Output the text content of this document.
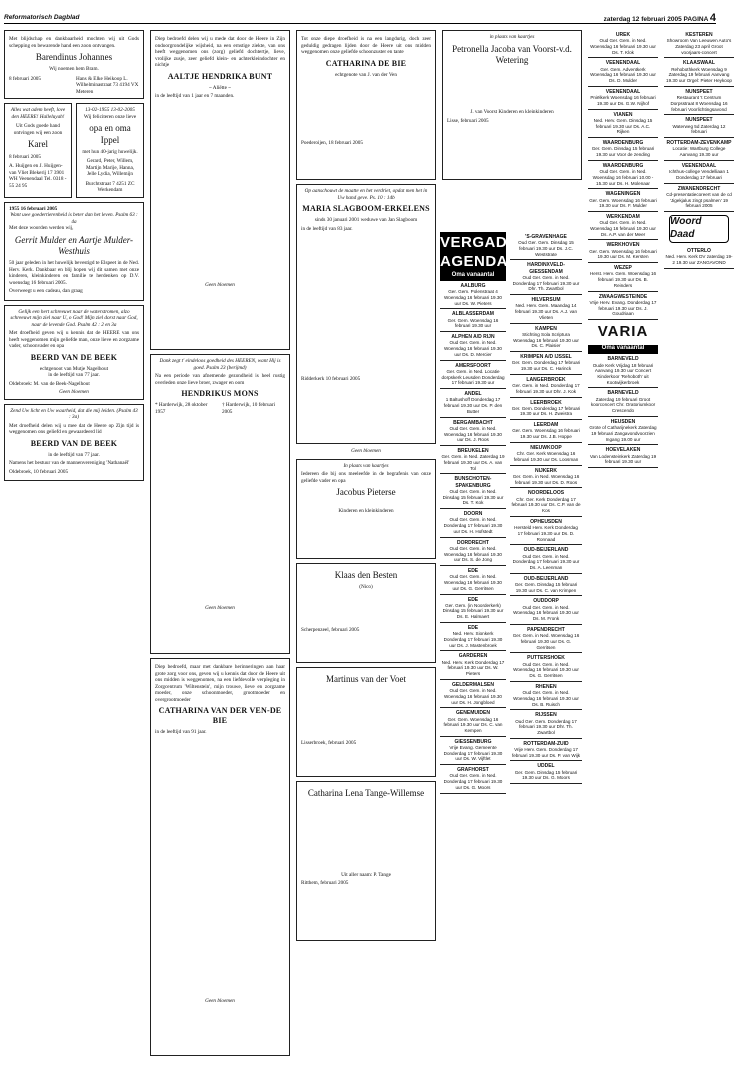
Reformatorisch Dagblad	zaterdag 12 februari 2005 PAGINA 4

Met blijdschap en dankbaarheid mochten wij uit Gods schepping en bewarende hand een zoon ontvangen.

Barendinus Johannes

Wij noemen hem Bram.

8 februari 2005	Hans & Elke Heikoop L. Wilhelminastraat 73 4194 VX Meteren

Alles wat adem heeft, love den HEERE! Halleluyah!

Uit Gods goede hand ontvingen wij een zoon

Karel

8 februari 2005

A. Huijgen en J. Huijgen-van Vliet Blekerij 17 3901 WH Veenendaal Tel. 0318 - 55 24 95

13-02-1955 13-02-2005

Wij feliciteren onze lieve

opa en oma Ippel

met hun 40-jarig huwelijk.

Gerard, Peter, Willem, Martijn Marije, Hanna, Jelle Lydia, Willemijn

Burchtstraat 7 4251 ZC Werkendam

1955 16 februari 2005

Want uwe goedertierenheid is beter dan het leven. Psalm 63 : 4a

Met deze woorden werden wij,

Gerrit Mulder en Aartje Mulder-Westhuis

50 jaar geleden in het huwelijk bevestigd te Elspeet in de Ned. Herv. Kerk. Dankbaar en blij hopen wij dit samen met onze kinderen, kleinkinderen en familie te herdenken op D.V. woensdag 16 februari 2005.

Overweegt u een cadeau, dan graag

Gelijk een hert schreeuwt naar de waterstromen, alzo schreeuwt mijn ziel naar U, o God! Mijn ziel dorst naar God, naar de levende God. Psalm 42 : 2 en 3a

Met droefheid geven wij u kennis dat de HEERE van ons heeft weggenomen mijn geliefde man, onze lieve en zorgzame vader, schoonvader en opa

BEERD VAN DE BEEK

echtgenoot van Mutje Nagelhout

in de leeftijd van 77 jaar.

Oldebroek: M. van de Beek-Nagelhout

Geen bloemen

Zend Uw licht en Uw waarheid, dat die mij leiden. (Psalm 43 : 3a)

Met droefheid delen wij u mee dat de Heere op Zijn tijd is weggenomen ons geliefd en gewaardeerd lid

BEERD VAN DE BEEK

in de leeftijd van 77 jaar.

Namens het bestuur van de mannenvereniging 'Nathanaël'

Oldebroek, 10 februari 2005

Diep bedroefd delen wij u mede dat door de Heere in Zijn ondoorgrondelijke wijsheid, na een ernstige ziekte, van ons heeft weggenomen ons (zorg) geliefd dochtertje, lieve, vrolijke zusje, zeer geliefd klein- en achterkleindochter en nichtje

AALTJE HENDRIKA BUNT

~ Aliëtte ~

in de leeftijd van 1 jaar en 7 maanden.

Geen bloemen

Dank zegt t' eindeloos goedheid des HEEREN, want Hij is goed. Psalm 23 (berijmd)

Na een periode van afnemende gezondheid is heel rustig overleden onze lieve broer, zwager en oom

HENDRIKUS MONS
* Harderwijk, 28 oktober 1957
† Harderwijk, 10 februari 2005

Geen bloemen

Diep bedroefd, maar met dankbare herinneringen aan haar grote zorg voor ons, geven wij u kennis dat door de Heere uit ons midden is weggenomen, na een liefdevolle verpleging in Zorgcentrum 'Wiltenstein', mijn trouwe, lieve en zorgzame moeder, onze schoonmoeder, grootmoeder en overgrootmoeder

CATHARINA VAN DER VEN-DE BIE

in de leeftijd van 91 jaar.

Geen bloemen

Tot onze diepe droefheid is na een langdurig, doch zeer geduldig gedragen lijden door de Heere uit ons midden weggenomen onze geliefde schoonzuster en tante

CATHARINA DE BIE

echtgenote van J. van der Ven

Poederoijen, 18 februari 2005

Op aanschouwt de maatte en het verdriet, opdat men het in Uw hand geve. Ps. 10 : 14b

MARIA SLAGBOOM-ERKELENS

sinds 30 januari 2001 weduwe van Jan Slagboom

in de leeftijd van 83 jaar.

Ridderkerk 10 februari 2005

Geen bloemen

In plaats van kaartjes

Iedereen die bij ons meeleefde in de begrafenis van onze geliefde vader en opa

Jacobus Pieterse

Kinderen en kleinkinderen

Klaas den Besten

(Nico)

Scherpenzeel, februari 2005

Martinus van der Voet

Lisserbroek, februari 2005

Catharina Lena Tange-Willemse

Uit aller naam: P. Tange

Ritthem, februari 2005

in plaats van kaartjes

Petronella Jacoba van Voorst-v.d. Wetering

J. van Voorst Kinderen en kleinkinderen

Lisse, februari 2005

VERGADER- AGENDA
Oma vanaantal
AALBURG
Ger. Gem. Polenstraat 4 Woensdag 16 februari 19.30 uur Ds. W. Pieters
ALBLASSERDAM
Ger. Gem. Woensdag 16 februari 19.30 uur
ALPHEN A/D RIJN
Oud Ger. Gem. in Ned. Woensdag 16 februari 19.30 uur Ds. D. Mercier
AMERSFOORT
Ger. Gem. in Ned. Locatie dorpskerk Leusden Donderdag 17 februari 19.30 uur
ANDEL
1 Baltushoff Donderdag 17 februari 19.30 uur Ds. P. den Butter
BERGAMBACHT
Oud Ger. Gem. in Ned. Woensdag 16 februari 19.30 uur Ds. J. Roos
BREUKELEN
Ger. Gem. in Ned. Zaterdag 19 februari 19.30 uur Ds. A. van Tol
BUNSCHOTEN-SPAKENBURG
Oud Ger. Gem. in Ned. Dinsdag 15 februari 19.30 uur Ds. T. Kok
DOORN
Oud Ger. Gem. in Ned. Donderdag 17 februari 19.30 uur Ds. H. Hofstedt
DORDRECHT
Oud Ger. Gem. in Ned. Woensdag 16 februari 19.30 uur Ds. S. de Jong
EDE
Oud Ger. Gem. in Ned. Woensdag 16 februari 19.30 uur Ds. G. Gerritsen
EDE
Ger. Gem. (in Noorderkerk) Dinsdag 15 februari 19.30 uur Ds. E. Halmaert
EDE
Ned. Herv. Sionkerk Donderdag 17 februari 19.30 uur Ds. J. Mastenbroek
GARDEREN
Ned. Herv. Kerk Donderdag 17 februari 19.30 uur Ds. W. Pieters
GELDERMALSEN
Oud Ger. Gem. in Ned. Woensdag 16 februari 19.30 uur Ds. H. Jongbloed
GENEMUIDEN
Ger. Gem. Woensdag 16 februari 19.30 uur Ds. C. van Kempen
GIESSENBURG
Vrije Evang. Gemeente Donderdag 17 februari 19.30 uur Ds. W. Vijftlet
GRAFHORST
Oud Ger. Gem. in Ned. Donderdag 17 februari 19.30 uur Ds. G. Moors
'S-GRAVENHAGE
Oud Ger. Gem. Dinsdag 15 februari 19.30 uur Ds. J.C. Weststrate
HARDINXVELD-GIESSENDAM
Oud Ger. Gem. in Ned. Donderdag 17 februari 19.30 uur Dhr. Th. Zwartbol
HILVERSUM
Ned. Herv. Gem. Maandag 14 februari 19.30 uur Ds. A.J. van Vlieten
KAMPEN
Stichting Sola Scriptura Woensdag 16 februari 19.30 uur Ds. C. Plaisier
KRIMPEN A/D IJSSEL
Ger. Gem. Donderdag 17 februari 19.30 uur Ds. C. Harinck
LANGERBROEK
Ger. Gem. in Ned. Donderdag 17 februari 19.30 uur Dhr. J. Kok
LEERBROEK
Ger. Gem. Donderdag 17 februari 19.30 uur Ds. H. Zweistra
LEERDAM
Ger. Gem. Woensdag 16 februari 19.30 uur Ds. J.B. Hoppe
NIEUWKOOP
Chr. Ger. Kerk Woensdag 16 februari 19.30 uur Ds. Loosman
NIJKERK
Ger. Gem. in Ned. Woensdag 16 februari 19.30 uur Ds. D. Roos
NOORDELOOS
Chr. Ger. Kerk Donderdag 17 februari 19.30 uur Ds. C.P. van de Kos
OPHEUSDEN
Hersteld Herv. Kerk Donderdag 17 februari 19.30 uur Ds. D. Ronnaad
OUD-BEIJERLAND
Oud Ger. Gem. in Ned. Donderdag 17 februari 19.30 uur Ds. A. Leenman
OUD-BEIJERLAND
Ger. Gem. Dinsdag 15 februari 19.30 uur Ds. C. van Krimpen
OUDDORP
Oud Ger. Gem. in Ned. Woensdag 16 februari 19.30 uur Ds. M. Fronk
PAPENDRECHT
Ger. Gem. in Ned. Woensdag 16 februari 19.30 uur Ds. G. Gerritsen
PUTTERSHOEK
Oud Ger. Gem. in Ned. Woensdag 16 februari 19.30 uur Ds. G. Gerritsen
RHENEN
Oud Ger. Gem. in Ned. Woensdag 16 februari 19.30 uur Ds. B. Ruisch
RIJSSEN
Oud Ger. Gem. Donderdag 17 februari 19.30 uur Dhr. Th. Zwartbol
ROTTERDAM-ZUID
Vrije Herv. Gem. Donderdag 17 februari 19.30 uur Ds. P. van Wijk
UDDEL
Ger. Gem. Dinsdag 15 februari 19.30 uur Ds. G. Moors
UREK
Oud Ger. Gem. in Ned. Woensdag 16 februari 19.30 uur Ds. T. Klok
VEENENDAAL
Ger. Gem. Adventkerk Woensdag 16 februari 19.30 uur Ds. D. Mulder
VEENENDAAL
Pniëlkerk Woensdag 16 februari 19.30 uur Ds. G.W. Nijhof
VIANEN
Ned. Herv. Gem. Dinsdag 15 februari 19.30 uur Ds. A.C. Rijken
WAARDENBURG
Ger. Gem. Dinsdag 15 februari 19.30 uur Voor de zending
WAARDENBURG
Oud Ger. Gem. in Ned. Woensdag 16 februari 10.00 - 15.30 uur Ds. H. Molenaar
WAGENINGEN
Ger. Gem. Woensdag 16 februari 19.30 uur Ds. F. Mulder
WERKENDAM
Oud Ger. Gem. in Ned. Woensdag 16 februari 19.30 uur Ds. A.P. van der Meer
WERKHOVEN
Ger. Gem. Woensdag 16 februari 19.30 uur Ds. M. Kersten
WEZEP
Herst. Herv. Gem. Woensdag 16 februari 19.30 uur Ds. B. Reinders
ZWAAGWESTEINDE
Vrije Herv. Evang. Donderdag 17 februari 19.30 uur Ds. J. Goudriaan
VARIA
Oma vanaantal
BARNEVELD
Oude Kerk Vrijdag 18 februari Aanvang 19.30 uur Concert Kinderkoor 'Rehoboth' uit Kootwijkerbroek
BARNEVELD
Zaterdag 19 februari Groot koorconcert Chr. Oratoriumkoor Crescendo
HEUSDEN
Grote of Catharijnekerk Zaterdag 19 februari Zangavondvoorzien Ingang 19.00 uur
HOEVELAKEN
Van Lodensteinkerk Zaterdag 19 februari 19.30 uur
KESTEREN
Showroom Van Leeuwen Auto's Zaterdag 23 april Groot voorjaars-concert
KLAASWAAL
Rehobothkerk Woensdag 9 Zaterdag 19 februari Aanvang 19.30 uur Orgel: Pieter Heykoop
NUNSPEET
Restaurant 't Centrum Dorpsstraat 8 Woensdag 16 februari Voorlichtingsavond
NUNSPEET
Waterweg 5d Zaterdag 12 februari
ROTTERDAM-ZEVENKAMP
Locatie: Wartburg College Aanvang 19.30 uur
VEENENDAAL
Ichthus-college Vendelliaan 1 Donderdag 17 februari
ZWANENDRECHT
Cd-presentatiecoreert van de cd 'Jigekjalus zingt psalmen' 19 februari 2005
Woord Daad
OTTERLO
Ned. Herv. Kerk DV zaterdag 19-2 19.30 uur ZANGAVOND
